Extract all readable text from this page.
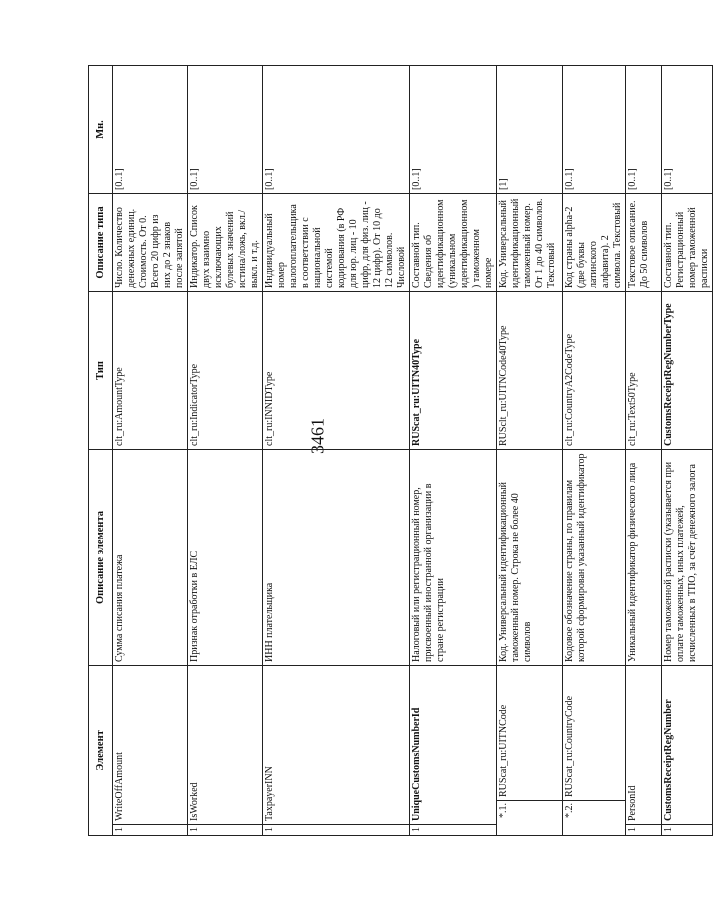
3461
Элемент	Описание элемента	Тип	Описание типа	Мн.

1
WriteOffAmount	Сумма списания платежа	clt_ru:AmountType	Число. Количество денежных единиц. Стоимость. От 0. Всего 20 цифр из них до 2 знаков после запятой	[0..1]

1
IsWorked	Признак отработки в ЕЛС	clt_ru:IndicatorType	Индикатор. Список двух взаимно исключающих булевых значений истина/ложь, вкл./выкл. и т.д.	[0..1]

1
TaxpayerINN	ИНН плательщика	clt_ru:INNIDType	Индивидуальный номер налогоплательщика в соответствии с национальной системой кодирования (в РФ для юр. лиц - 10 цифр, для физ. лиц - 12 цифр). От 10 до 12 символов. Числовой	[0..1]

1
UniqueCustomsNumberId	Налоговый или регистрационный номер, присвоенный иностранной организации в стране регистрации	RUScat_ru:UITN40Type	Составной тип. Сведения об идентификационном (уникальном идентификационном) таможенном номере	[0..1]

*.1.
RUScat_ru:UITNCode	Код. Универсальный идентификационный таможенный номер. Строка не более 40 символов	RUSclt_ru:UITNCode40Type	Код. Универсальный идентификационный таможенный номер. От 1 до 40 символов. Текстовый	[1]

*.2.
RUScat_ru:CountryCode	Кодовое обозначение страны, по правилам которой сформирован указанный идентификатор	clt_ru:CountryA2CodeType	Код страны alpha-2 (две буквы латинского алфавита). 2 символа. Текстовый	[0..1]

1
PersonId	Уникальный идентификатор физического лица	clt_ru:Text50Type	Текстовое описание. До 50 символов	[0..1]

1
CustomsReceiptRegNumber	Номер таможенной расписки (указывается при оплате таможенных, иных платежей, исчисленных в ТПО, за счёт денежного залога	CustomsReceiptRegNumberType	Составной тип. Регистрационный номер таможенной расписки	[0..1]
